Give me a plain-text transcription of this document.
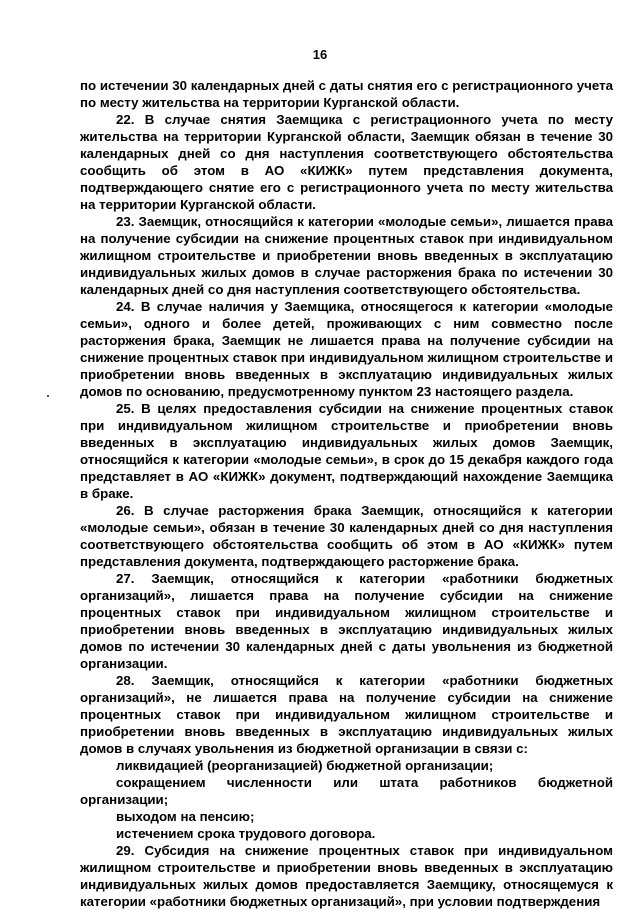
16

по истечении 30 календарных дней с даты снятия его с регистрационного учета по месту жительства на территории Курганской области.

22. В случае снятия Заемщика с регистрационного учета по месту жительства на территории Курганской области, Заемщик обязан в течение 30 календарных дней со дня наступления соответствующего обстоятельства сообщить об этом в АО «КИЖК» путем представления документа, подтверждающего снятие его с регистрационного учета по месту жительства на территории Курганской области.

23. Заемщик, относящийся к категории «молодые семьи», лишается права на получение субсидии на снижение процентных ставок при индивидуальном жилищном строительстве и приобретении вновь введенных в эксплуатацию индивидуальных жилых домов в случае расторжения брака по истечении 30 календарных дней со дня наступления соответствующего обстоятельства.

24. В случае наличия у Заемщика, относящегося к категории «молодые семьи», одного и более детей, проживающих с ним совместно после расторжения брака, Заемщик не лишается права на получение субсидии на снижение процентных ставок при индивидуальном жилищном строительстве и приобретении вновь введенных в эксплуатацию индивидуальных жилых домов по основанию, предусмотренному пунктом 23 настоящего раздела.

25. В целях предоставления субсидии на снижение процентных ставок при индивидуальном жилищном строительстве и приобретении вновь введенных в эксплуатацию индивидуальных жилых домов Заемщик, относящийся к категории «молодые семьи», в срок до 15 декабря каждого года представляет в АО «КИЖК» документ, подтверждающий нахождение Заемщика в браке.

26. В случае расторжения брака Заемщик, относящийся к категории «молодые семьи», обязан в течение 30 календарных дней со дня наступления соответствующего обстоятельства сообщить об этом в АО «КИЖК» путем представления документа, подтверждающего расторжение брака.

27. Заемщик, относящийся к категории «работники бюджетных организаций», лишается права на получение субсидии на снижение процентных ставок при индивидуальном жилищном строительстве и приобретении вновь введенных в эксплуатацию индивидуальных жилых домов по истечении 30 календарных дней с даты увольнения из бюджетной организации.

28. Заемщик, относящийся к категории «работники бюджетных организаций», не лишается права на получение субсидии на снижение процентных ставок при индивидуальном жилищном строительстве и приобретении вновь введенных в эксплуатацию индивидуальных жилых домов в случаях увольнения из бюджетной организации в связи с:

ликвидацией (реорганизацией) бюджетной организации;

сокращением численности или штата работников бюджетной организации;

выходом на пенсию;

истечением срока трудового договора.

29. Субсидия на снижение процентных ставок при индивидуальном жилищном строительстве и приобретении вновь введенных в эксплуатацию индивидуальных жилых домов предоставляется Заемщику, относящемуся к категории «работники бюджетных организаций», при условии подтверждения
